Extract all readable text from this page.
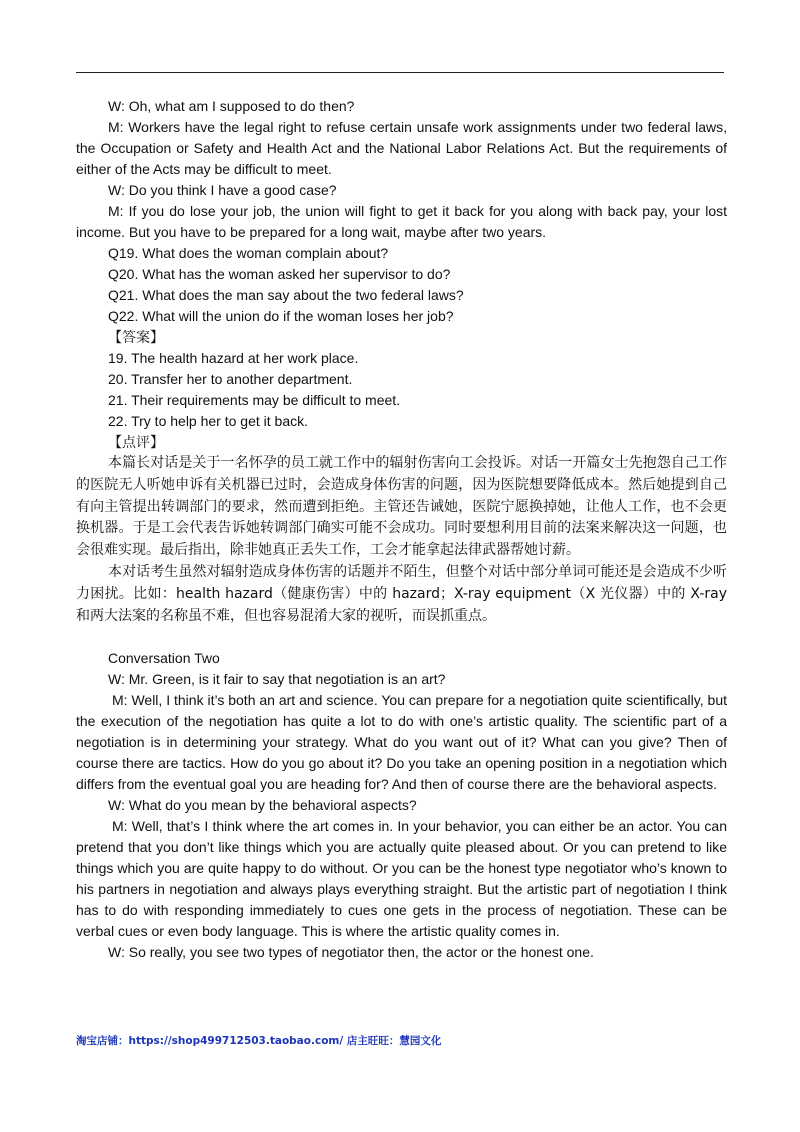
W: Oh, what am I supposed to do then?

M: Workers have the legal right to refuse certain unsafe work assignments under two federal laws, the Occupation or Safety and Health Act and the National Labor Relations Act. But the requirements of either of the Acts may be difficult to meet.

W: Do you think I have a good case?

M: If you do lose your job, the union will fight to get it back for you along with back pay, your lost income. But you have to be prepared for a long wait, maybe after two years.

Q19. What does the woman complain about?

Q20. What has the woman asked her supervisor to do?

Q21. What does the man say about the two federal laws?

Q22. What will the union do if the woman loses her job?

【答案】

19. The health hazard at her work place.

20. Transfer her to another department.

21. Their requirements may be difficult to meet.

22. Try to help her to get it back.

【点评】

本篇长对话是关于一名怀孕的员工就工作中的辐射伤害向工会投诉。对话一开篇女士先抱怨自己工作的医院无人听她申诉有关机器已过时，会造成身体伤害的问题，因为医院想要降低成本。然后她提到自己有向主管提出转调部门的要求，然而遭到拒绝。主管还告诫她，医院宁愿换掉她，让他人工作，也不会更换机器。于是工会代表告诉她转调部门确实可能不会成功。同时要想利用目前的法案来解决这一问题，也会很难实现。最后指出，除非她真正丢失工作，工会才能拿起法律武器帮她讨薪。

本对话考生虽然对辐射造成身体伤害的话题并不陌生，但整个对话中部分单词可能还是会造成不少听力困扰。比如：health hazard（健康伤害）中的 hazard；X-ray equipment（X 光仪器）中的 X-ray 和两大法案的名称虽不难，但也容易混淆大家的视听，而误抓重点。

Conversation Two

W: Mr. Green, is it fair to say that negotiation is an art?

M: Well, I think it’s both an art and science. You can prepare for a negotiation quite scientifically, but the execution of the negotiation has quite a lot to do with one’s artistic quality. The scientific part of a negotiation is in determining your strategy. What do you want out of it? What can you give? Then of course there are tactics. How do you go about it? Do you take an opening position in a negotiation which differs from the eventual goal you are heading for? And then of course there are the behavioral aspects.

W: What do you mean by the behavioral aspects?

M: Well, that’s I think where the art comes in. In your behavior, you can either be an actor. You can pretend that you don’t like things which you are actually quite pleased about. Or you can pretend to like things which you are quite happy to do without. Or you can be the honest type negotiator who’s known to his partners in negotiation and always plays everything straight. But the artistic part of negotiation I think has to do with responding immediately to cues one gets in the process of negotiation. These can be verbal cues or even body language. This is where the artistic quality comes in.

W: So really, you see two types of negotiator then, the actor or the honest one.

淘宝店铺：https://shop499712503.taobao.com/ 店主旺旺：慧园文化
